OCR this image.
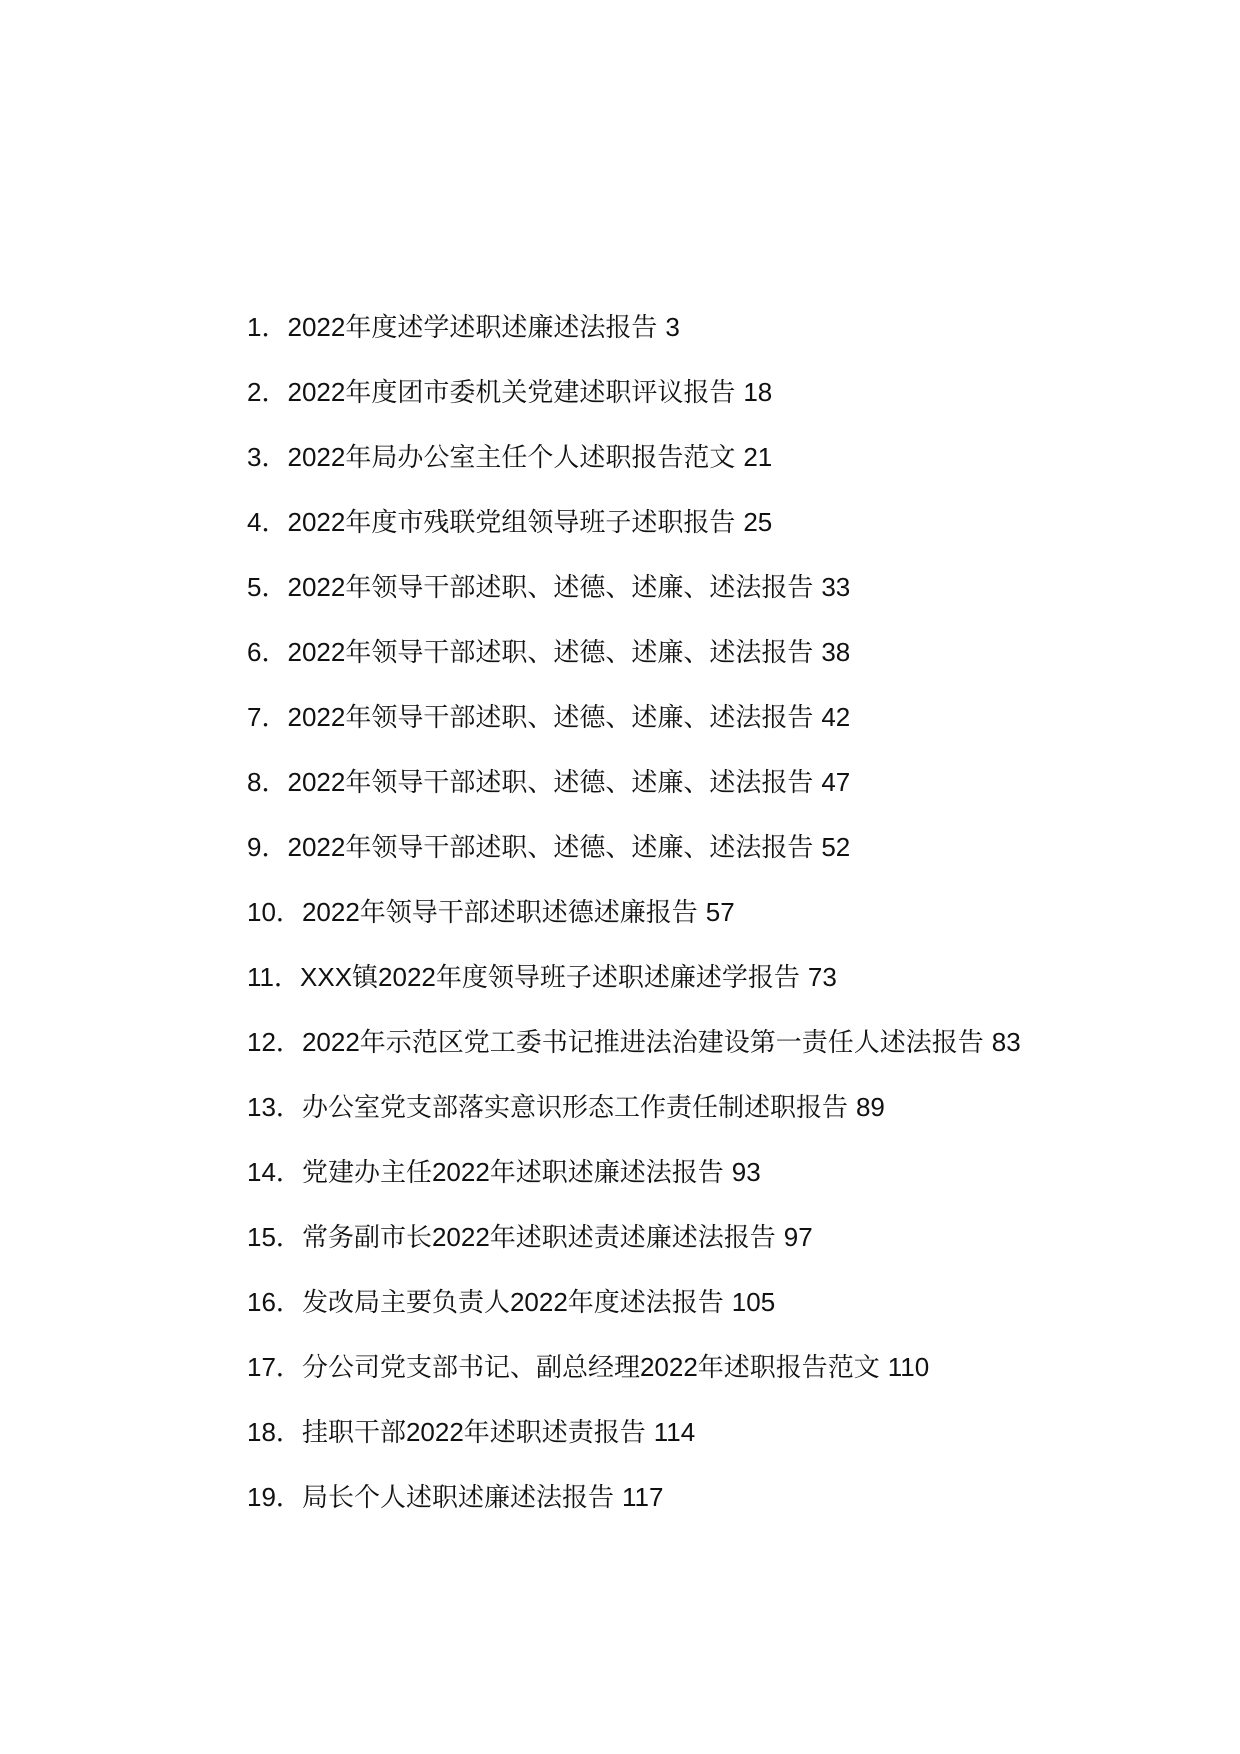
1．2022年度述学述职述廉述法报告 3

2．2022年度团市委机关党建述职评议报告 18

3．2022年局办公室主任个人述职报告范文 21

4．2022年度市残联党组领导班子述职报告 25

5．2022年领导干部述职、述德、述廉、述法报告 33

6．2022年领导干部述职、述德、述廉、述法报告 38

7．2022年领导干部述职、述德、述廉、述法报告 42

8．2022年领导干部述职、述德、述廉、述法报告 47

9．2022年领导干部述职、述德、述廉、述法报告 52

10．2022年领导干部述职述德述廉报告 57

11．XXX镇2022年度领导班子述职述廉述学报告 73

12．2022年示范区党工委书记推进法治建设第一责任人述法报告 83

13．办公室党支部落实意识形态工作责任制述职报告 89

14．党建办主任2022年述职述廉述法报告 93

15．常务副市长2022年述职述责述廉述法报告 97

16．发改局主要负责人2022年度述法报告 105

17．分公司党支部书记、副总经理2022年述职报告范文 110

18．挂职干部2022年述职述责报告 114

19．局长个人述职述廉述法报告 117
